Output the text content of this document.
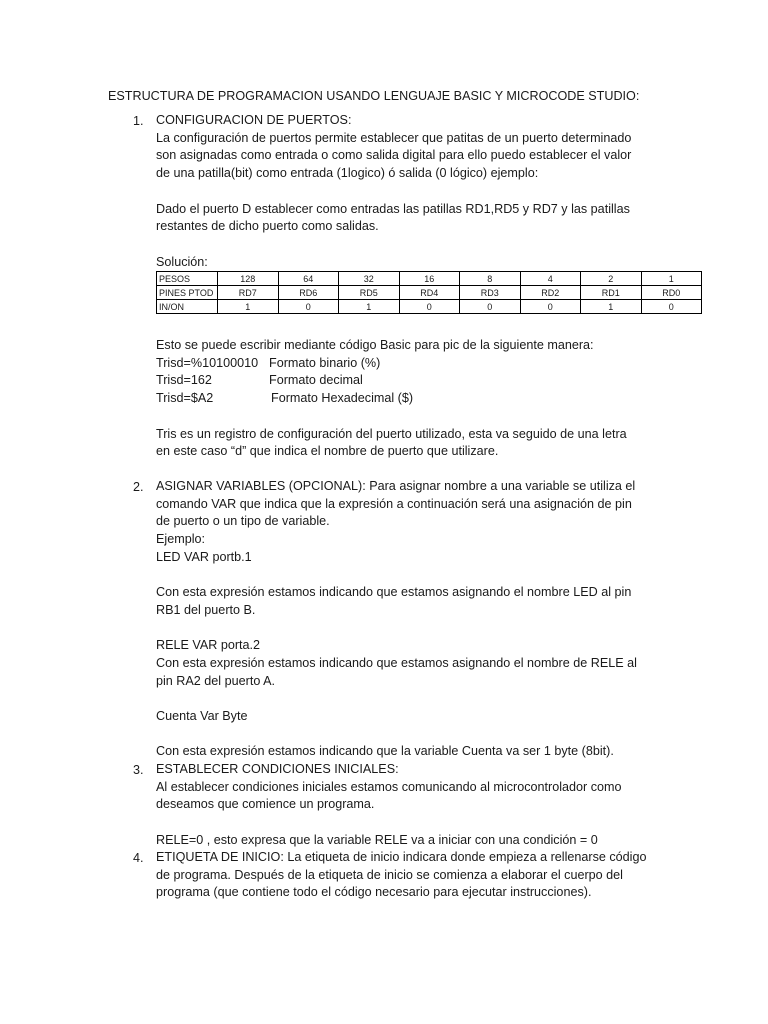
ESTRUCTURA DE PROGRAMACION USANDO LENGUAJE BASIC Y MICROCODE STUDIO:
1. CONFIGURACION DE PUERTOS:

La configuración de puertos permite establecer que patitas de un puerto determinado

son asignadas como entrada o como salida digital para ello puedo establecer el valor

de una patilla(bit) como entrada (1logico) ó salida (0 lógico) ejemplo:

Dado el puerto D establecer como entradas las patillas RD1,RD5 y RD7 y las patillas

restantes de dicho puerto como salidas.

Solución:

PESOS	128	64	32	16	8	4	2	1
PINES PTOD	RD7	RD6	RD5	RD4	RD3	RD2	RD1	RD0
IN/ON	1	0	1	0	0	0	1	0

Esto se puede escribir mediante código Basic para pic de la siguiente manera:

Trisd=%10100010 Formato binario (%)
Trisd=162	Formato decimal
Trisd=$A2	Formato Hexadecimal ($)

Tris es un registro de configuración del puerto utilizado, esta va seguido de una letra

en este caso “d” que indica el nombre de puerto que utilizare.

2. ASIGNAR VARIABLES (OPCIONAL): Para asignar nombre a una variable se utiliza el

comando VAR que indica que la expresión a continuación será una asignación de pin

de puerto o un tipo de variable.

Ejemplo:

LED VAR portb.1

Con esta expresión estamos indicando que estamos asignando el nombre LED al pin

RB1 del puerto B.

RELE VAR porta.2

Con esta expresión estamos indicando que estamos asignando el nombre de RELE al

pin RA2 del puerto A.

Cuenta Var Byte

Con esta expresión estamos indicando que la variable Cuenta va ser 1 byte (8bit).

3. ESTABLECER CONDICIONES INICIALES:

Al establecer condiciones iniciales estamos comunicando al microcontrolador como

deseamos que comience un programa.

RELE=0 , esto expresa que la variable RELE va a iniciar con una condición = 0

4. ETIQUETA DE INICIO: La etiqueta de inicio indicara donde empieza a rellenarse código

de programa. Después de la etiqueta de inicio se comienza a elaborar el cuerpo del

programa (que contiene todo el código necesario para ejecutar instrucciones).
